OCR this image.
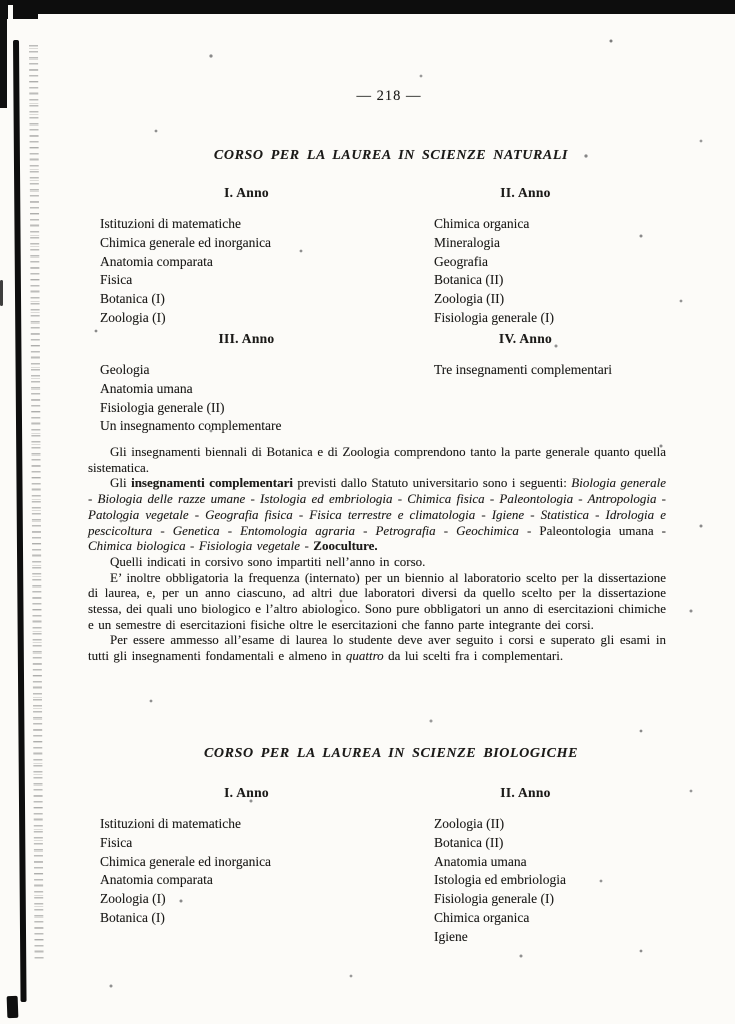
— 218 —
CORSO PER LA LAUREA IN SCIENZE NATURALI
I. Anno
Istituzioni di matematiche
Chimica generale ed inorganica
Anatomia comparata
Fisica
Botanica (I)
Zoologia (I)
II. Anno
Chimica organica
Mineralogia
Geografia
Botanica (II)
Zoologia (II)
Fisiologia generale (I)
III. Anno
Geologia
Anatomia umana
Fisiologia generale (II)
Un insegnamento complementare
IV. Anno
Tre insegnamenti complementari

Gli insegnamenti biennali di Botanica e di Zoologia comprendono tanto la parte generale quanto quella sistematica.

Gli insegnamenti complementari previsti dallo Statuto universitario sono i seguenti: Biologia generale - Biologia delle razze umane - Istologia ed embriologia - Chimica fisica - Paleontologia - Antropologia - Patologia vegetale - Geografia fisica - Fisica terrestre e climatologia - Igiene - Statistica - Idrologia e pescicoltura - Genetica - Entomologia agraria - Petrografia - Geochimica - Paleontologia umana - Chimica biologica - Fisiologia vegetale - Zooculture.

Quelli indicati in corsivo sono impartiti nell’anno in corso.

E’ inoltre obbligatoria la frequenza (internato) per un biennio al laboratorio scelto per la dissertazione di laurea, e, per un anno ciascuno, ad altri due laboratori diversi da quello scelto per la dissertazione stessa, dei quali uno biologico e l’altro abiologico. Sono pure obbligatori un anno di esercitazioni chimiche e un semestre di esercitazioni fisiche oltre le esercitazioni che fanno parte integrante dei corsi.

Per essere ammesso all’esame di laurea lo studente deve aver seguito i corsi e superato gli esami in tutti gli insegnamenti fondamentali e almeno in quattro da lui scelti fra i complementari.

CORSO PER LA LAUREA IN SCIENZE BIOLOGICHE
I. Anno
Istituzioni di matematiche
Fisica
Chimica generale ed inorganica
Anatomia comparata
Zoologia (I)
Botanica (I)
II. Anno
Zoologia (II)
Botanica (II)
Anatomia umana
Istologia ed embriologia
Fisiologia generale (I)
Chimica organica
Igiene
